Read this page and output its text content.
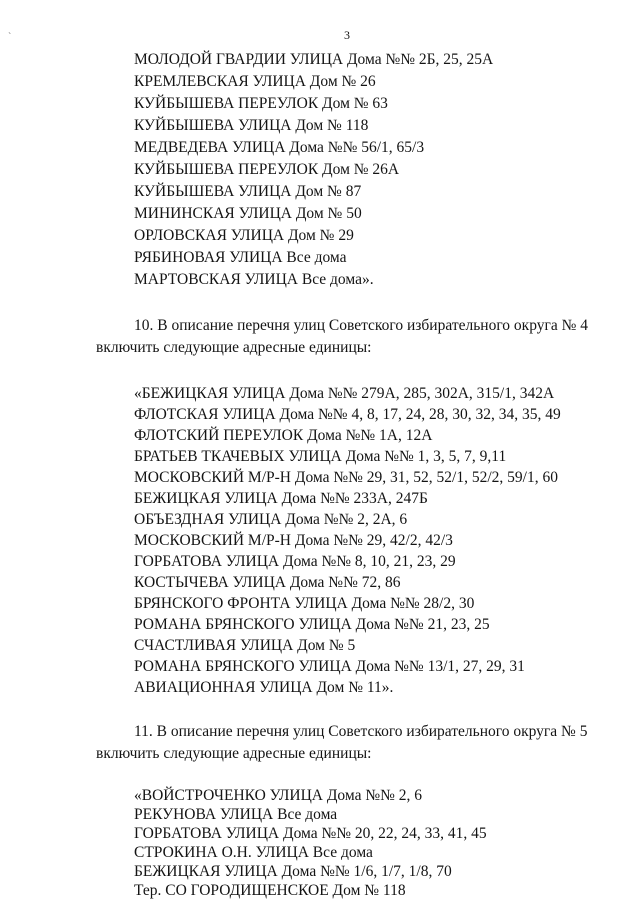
ˋ	3
МОЛОДОЙ ГВАРДИИ УЛИЦА Дома №№ 2Б, 25, 25А
КРЕМЛЕВСКАЯ УЛИЦА Дом № 26
КУЙБЫШЕВА ПЕРЕУЛОК Дом № 63
КУЙБЫШЕВА УЛИЦА Дом № 118
МЕДВЕДЕВА УЛИЦА Дома №№ 56/1, 65/3
КУЙБЫШЕВА ПЕРЕУЛОК Дом № 26А
КУЙБЫШЕВА УЛИЦА Дом № 87
МИНИНСКАЯ УЛИЦА Дом № 50
ОРЛОВСКАЯ УЛИЦА Дом № 29
РЯБИНОВАЯ УЛИЦА Все дома
МАРТОВСКАЯ УЛИЦА Все дома».
10. В описание перечня улиц Советского избирательного округа № 4
включить следующие адресные единицы:
«БЕЖИЦКАЯ УЛИЦА Дома №№ 279А, 285, 302А, 315/1, 342А
ФЛОТСКАЯ УЛИЦА Дома №№ 4, 8, 17, 24, 28, 30, 32, 34, 35, 49
ФЛОТСКИЙ ПЕРЕУЛОК Дома №№ 1А, 12А
БРАТЬЕВ ТКАЧЕВЫХ УЛИЦА Дома №№ 1, 3, 5, 7, 9,11
МОСКОВСКИЙ М/Р-Н Дома №№ 29, 31, 52, 52/1, 52/2, 59/1, 60
БЕЖИЦКАЯ УЛИЦА Дома №№ 233А, 247Б
ОБЪЕЗДНАЯ УЛИЦА Дома №№ 2, 2А, 6
МОСКОВСКИЙ М/Р-Н Дома №№ 29, 42/2, 42/3
ГОРБАТОВА УЛИЦА Дома №№ 8, 10, 21, 23, 29
КОСТЫЧЕВА УЛИЦА Дома №№ 72, 86
БРЯНСКОГО ФРОНТА УЛИЦА Дома №№ 28/2, 30
РОМАНА БРЯНСКОГО УЛИЦА Дома №№ 21, 23, 25
СЧАСТЛИВАЯ УЛИЦА Дом № 5
РОМАНА БРЯНСКОГО УЛИЦА Дома №№ 13/1, 27, 29, 31
АВИАЦИОННАЯ УЛИЦА Дом № 11».
11. В описание перечня улиц Советского избирательного округа № 5
включить следующие адресные единицы:
«ВОЙСТРОЧЕНКО УЛИЦА Дома №№ 2, 6
РЕКУНОВА УЛИЦА Все дома
ГОРБАТОВА УЛИЦА Дома №№ 20, 22, 24, 33, 41, 45
СТРОКИНА О.Н. УЛИЦА Все дома
БЕЖИЦКАЯ УЛИЦА Дома №№ 1/6, 1/7, 1/8, 70
Тер. СО ГОРОДИЩЕНСКОЕ Дом № 118
